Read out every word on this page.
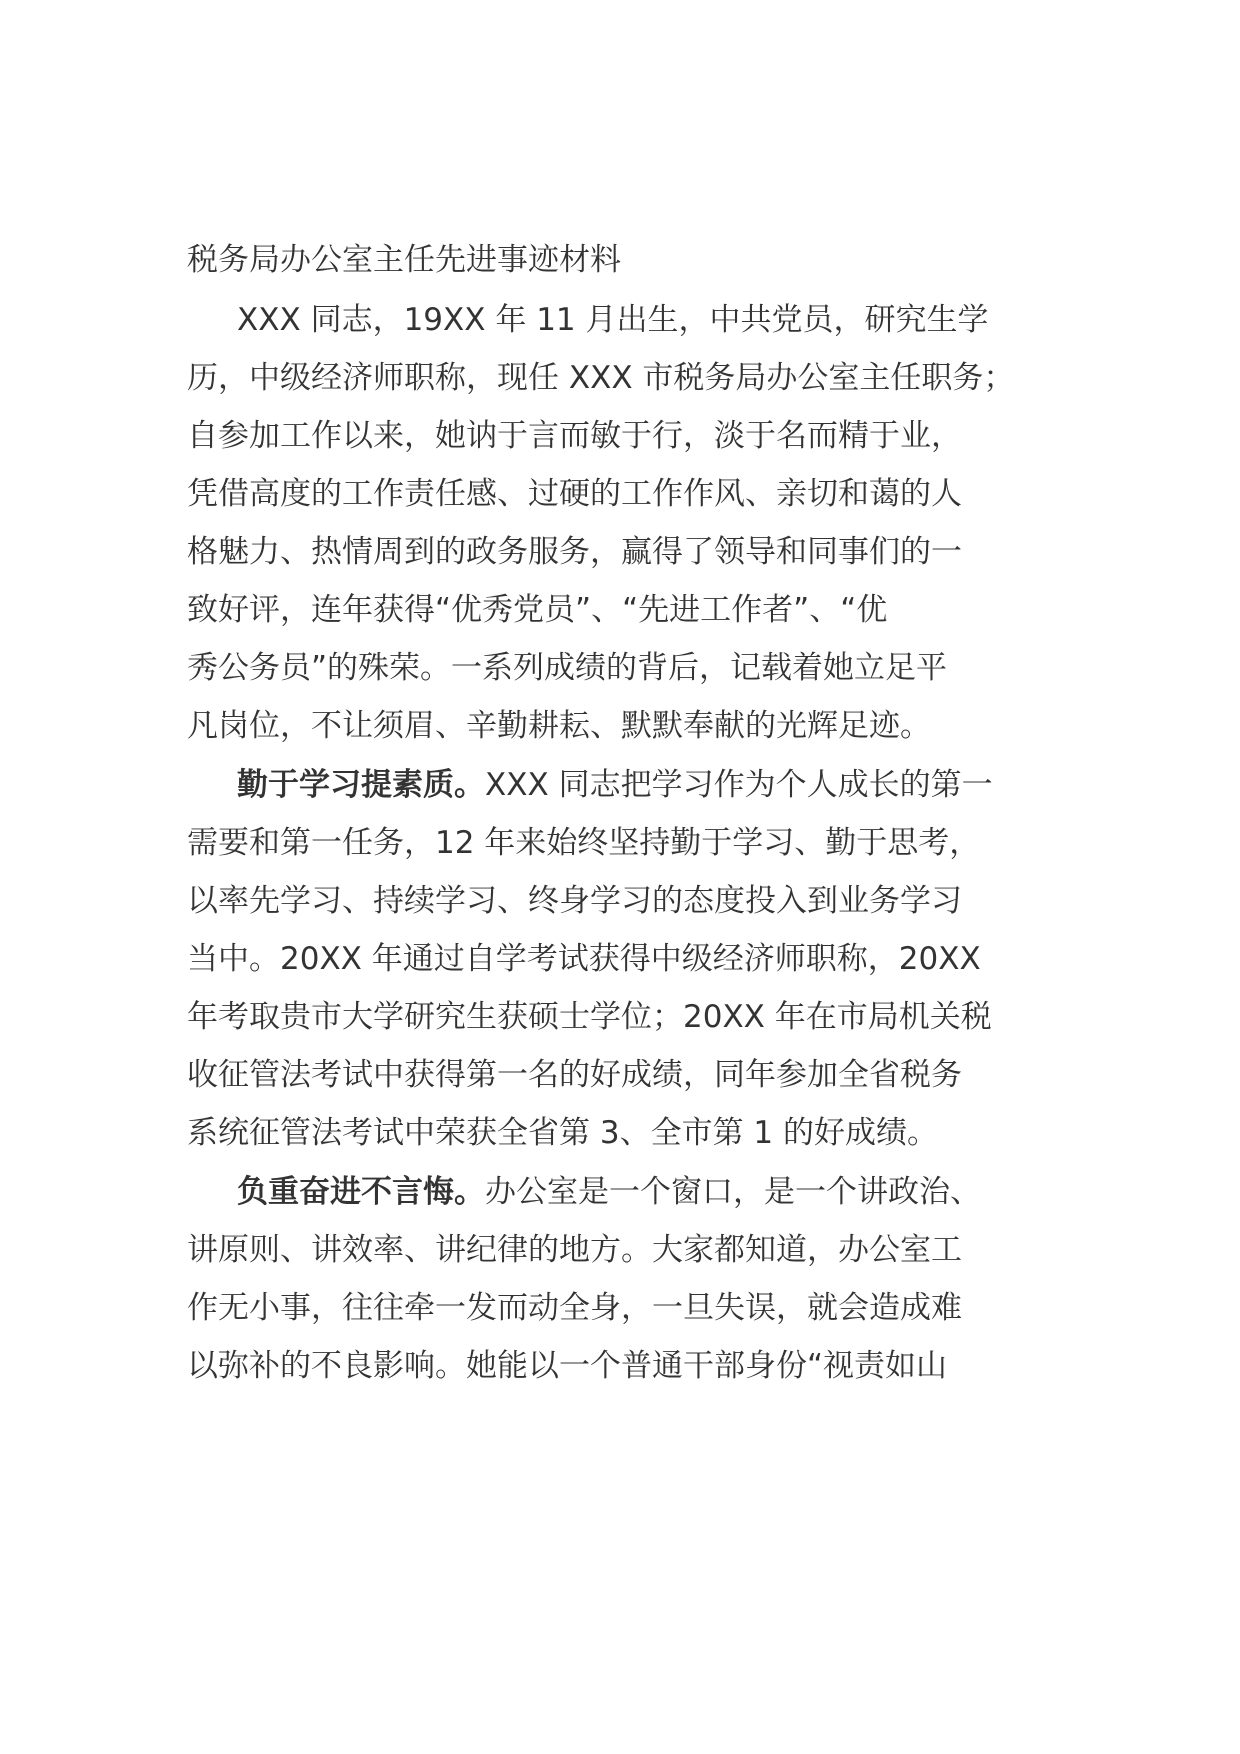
税务局办公室主任先进事迹材料

XXX 同志，19XX 年 11 月出生，中共党员，研究生学

历，中级经济师职称，现任 XXX 市税务局办公室主任职务；

自参加工作以来，她讷于言而敏于行，淡于名而精于业，

凭借高度的工作责任感、过硬的工作作风、亲切和蔼的人

格魅力、热情周到的政务服务，赢得了领导和同事们的一

致好评，连年获得“优秀党员”、“先进工作者”、“优

秀公务员”的殊荣。一系列成绩的背后，记载着她立足平

凡岗位，不让须眉、辛勤耕耘、默默奉献的光辉足迹。

勤于学习提素质。XXX 同志把学习作为个人成长的第一

需要和第一任务，12 年来始终坚持勤于学习、勤于思考，

以率先学习、持续学习、终身学习的态度投入到业务学习

当中。20XX 年通过自学考试获得中级经济师职称，20XX

年考取贵市大学研究生获硕士学位；20XX 年在市局机关税

收征管法考试中获得第一名的好成绩，同年参加全省税务

系统征管法考试中荣获全省第 3、全市第 1 的好成绩。

负重奋进不言悔。办公室是一个窗口，是一个讲政治、

讲原则、讲效率、讲纪律的地方。大家都知道，办公室工

作无小事，往往牵一发而动全身，一旦失误，就会造成难

以弥补的不良影响。她能以一个普通干部身份“视责如山
